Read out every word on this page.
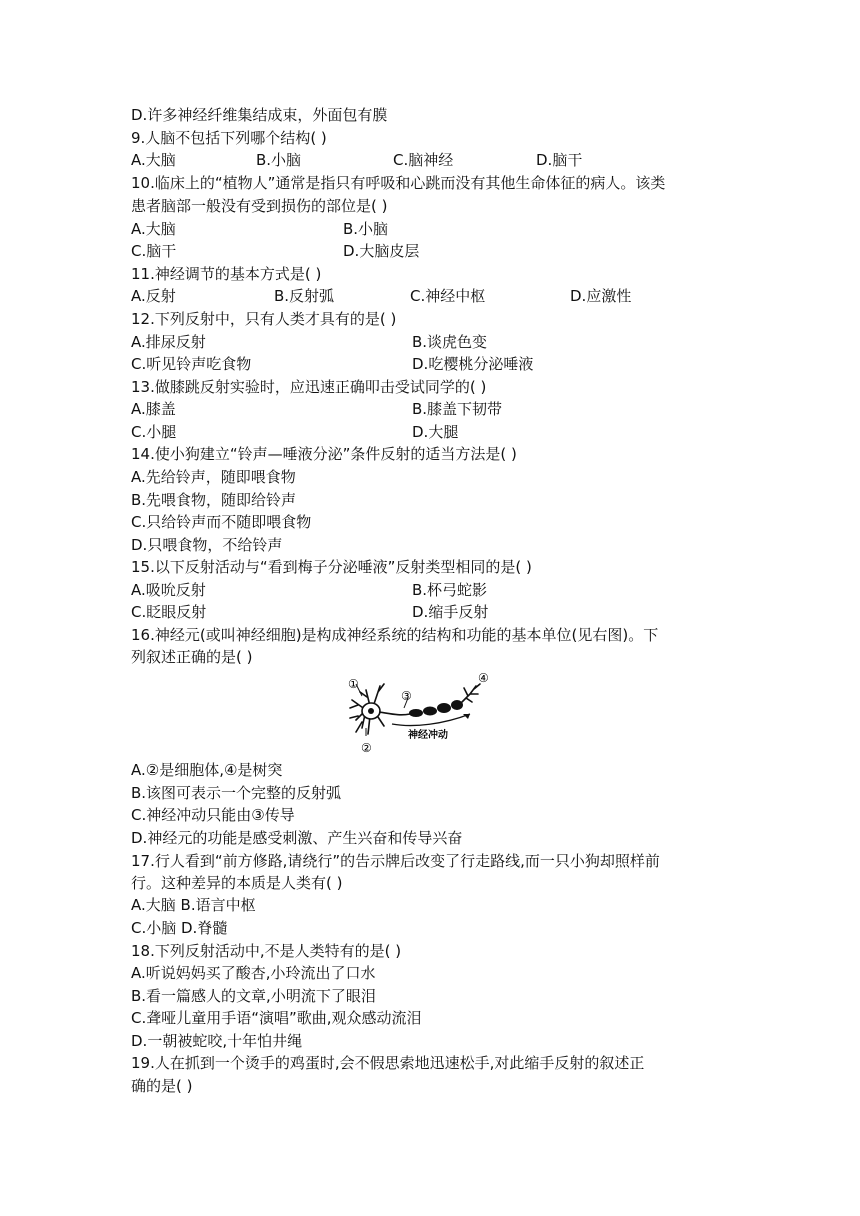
D.许多神经纤维集结成束，外面包有膜
9.人脑不包括下列哪个结构( )
A.大脑	B.小脑	C.脑神经	D.脑干
10.临床上的“植物人”通常是指只有呼吸和心跳而没有其他生命体征的病人。该类
患者脑部一般没有受到损伤的部位是( )
A.大脑	B.小脑
C.脑干	D.大脑皮层
11.神经调节的基本方式是( )
A.反射	B.反射弧	C.神经中枢	D.应激性
12.下列反射中，只有人类才具有的是( )
A.排尿反射	B.谈虎色变
C.听见铃声吃食物	D.吃樱桃分泌唾液
13.做膝跳反射实验时，应迅速正确叩击受试同学的( )
A.膝盖	B.膝盖下韧带
C.小腿	D.大腿
14.使小狗建立“铃声—唾液分泌”条件反射的适当方法是( )
A.先给铃声，随即喂食物
B.先喂食物，随即给铃声
C.只给铃声而不随即喂食物
D.只喂食物，不给铃声
15.以下反射活动与“看到梅子分泌唾液”反射类型相同的是( )
A.吸吮反射	B.杯弓蛇影
C.眨眼反射	D.缩手反射
16.神经元(或叫神经细胞)是构成神经系统的结构和功能的基本单位(见右图)。下
列叙述正确的是( )
①
②
③
④
神经冲动
A.②是细胞体,④是树突
B.该图可表示一个完整的反射弧
C.神经冲动只能由③传导
D.神经元的功能是感受刺激、产生兴奋和传导兴奋
17.行人看到“前方修路,请绕行”的告示牌后改变了行走路线,而一只小狗却照样前
行。这种差异的本质是人类有( )
A.大脑 B.语言中枢
C.小脑 D.脊髓
18.下列反射活动中,不是人类特有的是( )
A.听说妈妈买了酸杏,小玲流出了口水
B.看一篇感人的文章,小明流下了眼泪
C.聋哑儿童用手语“演唱”歌曲,观众感动流泪
D.一朝被蛇咬,十年怕井绳
19.人在抓到一个烫手的鸡蛋时,会不假思索地迅速松手,对此缩手反射的叙述正
确的是( )
